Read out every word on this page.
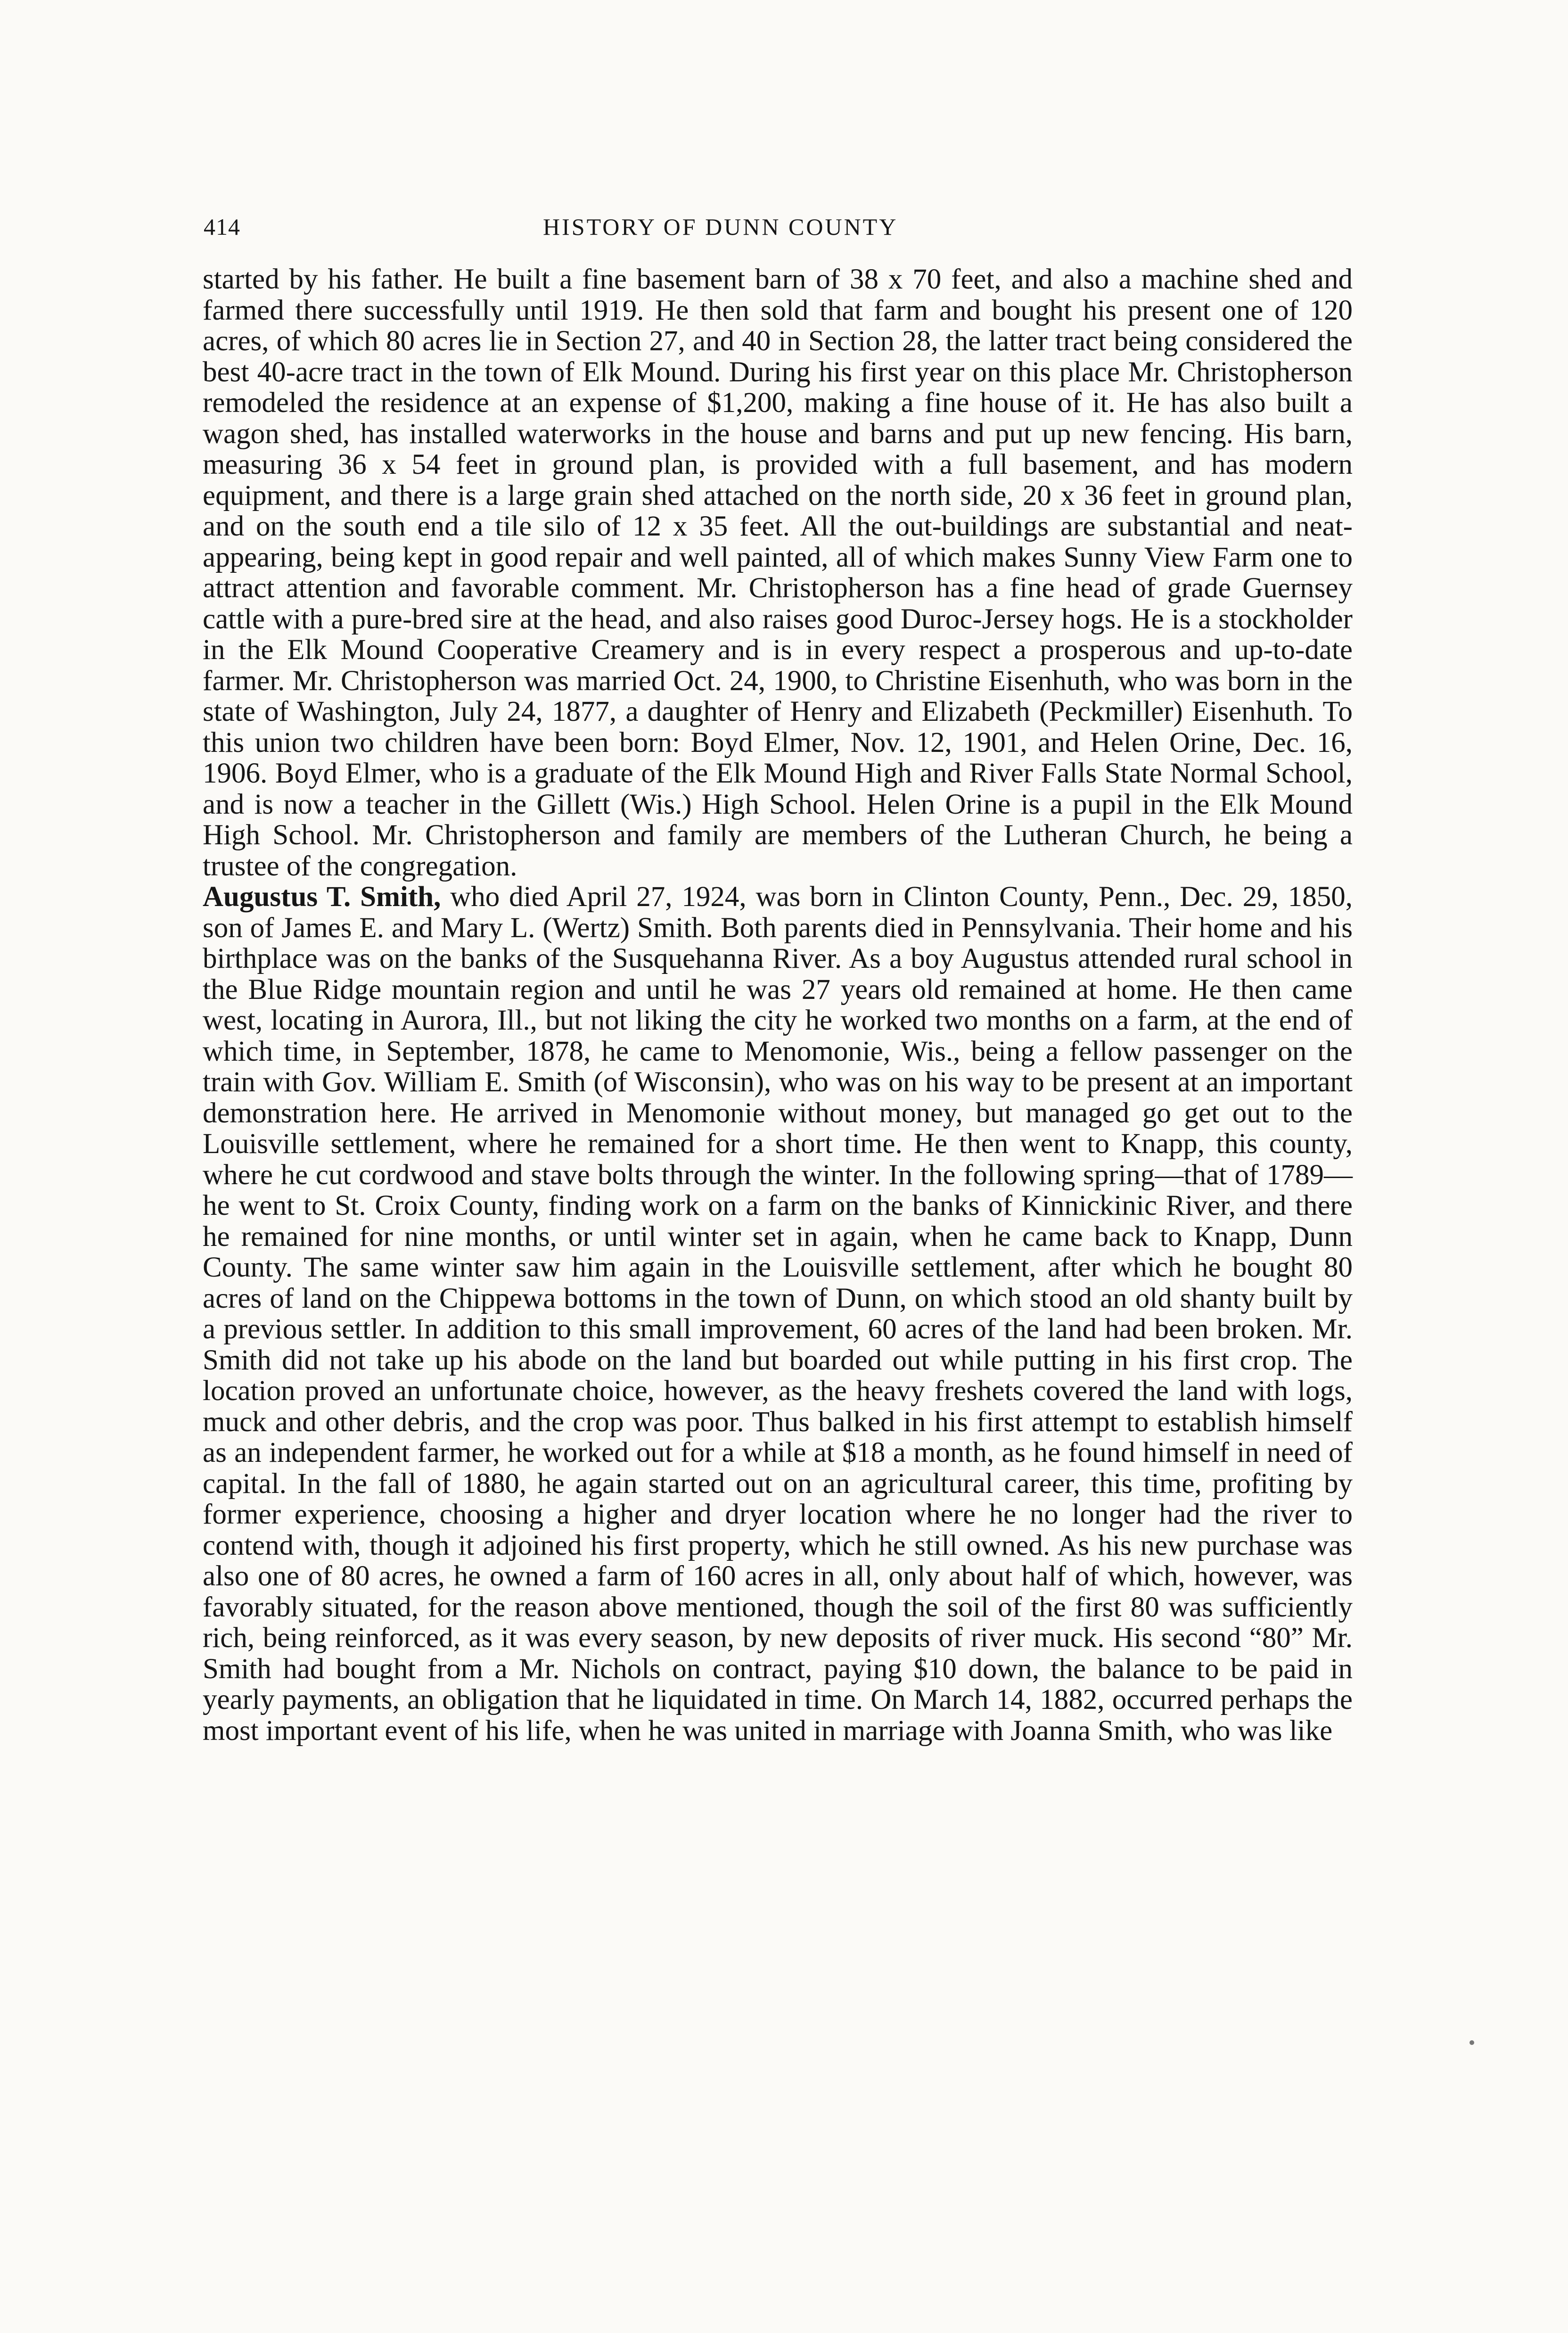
414	HISTORY OF DUNN COUNTY

started by his father. He built a fine basement barn of 38 x 70 feet, and also a machine shed and farmed there successfully until 1919. He then sold that farm and bought his present one of 120 acres, of which 80 acres lie in Section 27, and 40 in Section 28, the latter tract being considered the best 40-acre tract in the town of Elk Mound. During his first year on this place Mr. Christopherson remodeled the residence at an expense of $1,200, making a fine house of it. He has also built a wagon shed, has installed waterworks in the house and barns and put up new fencing. His barn, measuring 36 x 54 feet in ground plan, is provided with a full basement, and has modern equipment, and there is a large grain shed attached on the north side, 20 x 36 feet in ground plan, and on the south end a tile silo of 12 x 35 feet. All the out-buildings are substantial and neat-appearing, being kept in good repair and well painted, all of which makes Sunny View Farm one to attract attention and favorable comment. Mr. Christopherson has a fine head of grade Guernsey cattle with a pure-bred sire at the head, and also raises good Duroc-Jersey hogs. He is a stockholder in the Elk Mound Cooperative Creamery and is in every respect a prosperous and up-to-date farmer. Mr. Christopherson was married Oct. 24, 1900, to Christine Eisenhuth, who was born in the state of Washington, July 24, 1877, a daughter of Henry and Elizabeth (Peckmiller) Eisenhuth. To this union two children have been born: Boyd Elmer, Nov. 12, 1901, and Helen Orine, Dec. 16, 1906. Boyd Elmer, who is a graduate of the Elk Mound High and River Falls State Normal School, and is now a teacher in the Gillett (Wis.) High School. Helen Orine is a pupil in the Elk Mound High School. Mr. Christopherson and family are members of the Lutheran Church, he being a trustee of the congregation.

Augustus T. Smith, who died April 27, 1924, was born in Clinton County, Penn., Dec. 29, 1850, son of James E. and Mary L. (Wertz) Smith. Both parents died in Pennsylvania. Their home and his birthplace was on the banks of the Susquehanna River. As a boy Augustus attended rural school in the Blue Ridge mountain region and until he was 27 years old remained at home. He then came west, locating in Aurora, Ill., but not liking the city he worked two months on a farm, at the end of which time, in September, 1878, he came to Menomonie, Wis., being a fellow passenger on the train with Gov. William E. Smith (of Wisconsin), who was on his way to be present at an important demonstration here. He arrived in Menomonie without money, but managed go get out to the Louisville settlement, where he remained for a short time. He then went to Knapp, this county, where he cut cordwood and stave bolts through the winter. In the following spring—that of 1789—he went to St. Croix County, finding work on a farm on the banks of Kinnickinic River, and there he remained for nine months, or until winter set in again, when he came back to Knapp, Dunn County. The same winter saw him again in the Louisville settlement, after which he bought 80 acres of land on the Chippewa bottoms in the town of Dunn, on which stood an old shanty built by a previous settler. In addition to this small improvement, 60 acres of the land had been broken. Mr. Smith did not take up his abode on the land but boarded out while putting in his first crop. The location proved an unfortunate choice, however, as the heavy freshets covered the land with logs, muck and other debris, and the crop was poor. Thus balked in his first attempt to establish himself as an independent farmer, he worked out for a while at $18 a month, as he found himself in need of capital. In the fall of 1880, he again started out on an agricultural career, this time, profiting by former experience, choosing a higher and dryer location where he no longer had the river to contend with, though it adjoined his first property, which he still owned. As his new purchase was also one of 80 acres, he owned a farm of 160 acres in all, only about half of which, however, was favorably situated, for the reason above mentioned, though the soil of the first 80 was sufficiently rich, being reinforced, as it was every season, by new deposits of river muck. His second “80” Mr. Smith had bought from a Mr. Nichols on contract, paying $10 down, the balance to be paid in yearly payments, an obligation that he liquidated in time. On March 14, 1882, occurred perhaps the most important event of his life, when he was united in marriage with Joanna Smith, who was like
